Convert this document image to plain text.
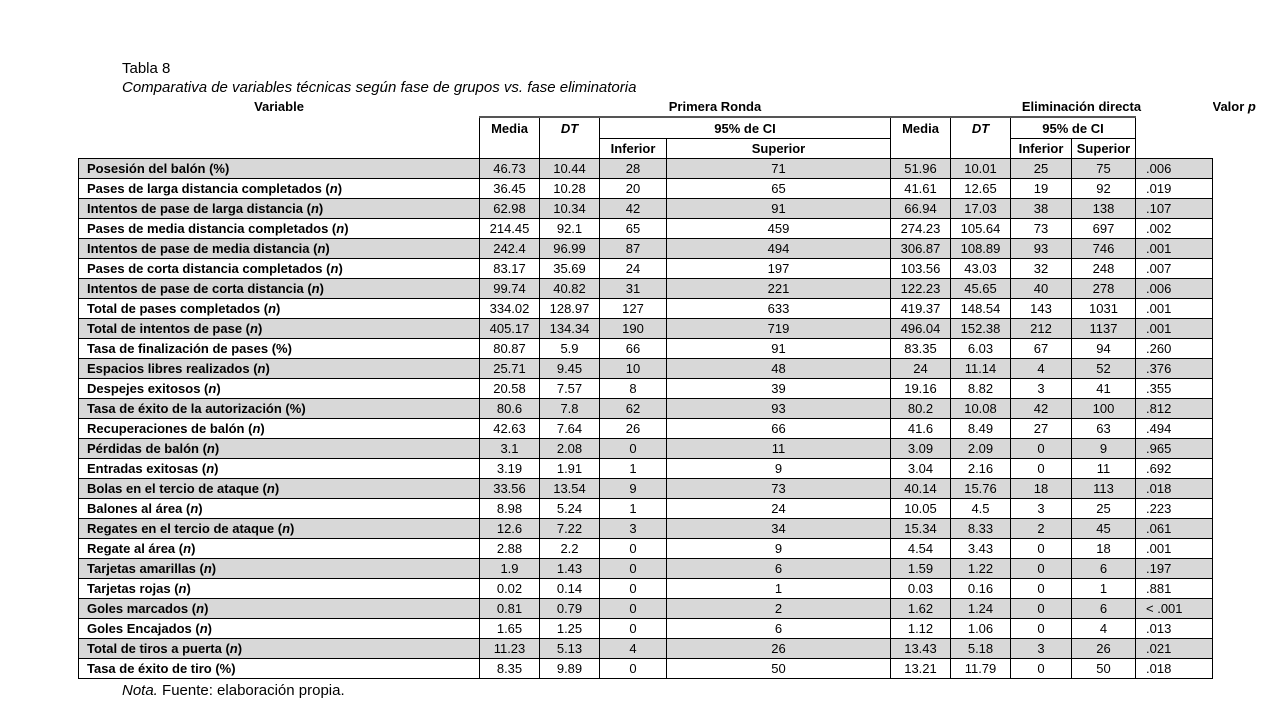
Tabla 8
Comparativa de variables técnicas según fase de grupos vs. fase eliminatoria
Variable	Primera Ronda					Eliminación directa				Valor p
	Media	DT	95% de CI		Media	DT	95% de CI			
			Inferior	Superior			Inferior	Superior		
Posesión del balón (%)	46.73	10.44	28	71	51.96	10.01	25	75	.006	
Pases de larga distancia completados (n)	36.45	10.28	20	65	41.61	12.65	19	92	.019	
Intentos de pase de larga distancia (n)	62.98	10.34	42	91	66.94	17.03	38	138	.107	
Pases de media distancia completados (n)	214.45	92.1	65	459	274.23	105.64	73	697	.002	
Intentos de pase de media distancia (n)	242.4	96.99	87	494	306.87	108.89	93	746	.001	
Pases de corta distancia completados (n)	83.17	35.69	24	197	103.56	43.03	32	248	.007	
Intentos de pase de corta distancia (n)	99.74	40.82	31	221	122.23	45.65	40	278	.006	
Total de pases completados (n)	334.02	128.97	127	633	419.37	148.54	143	1031	.001	
Total de intentos de pase (n)	405.17	134.34	190	719	496.04	152.38	212	1137	.001	
Tasa de finalización de pases (%)	80.87	5.9	66	91	83.35	6.03	67	94	.260	
Espacios libres realizados (n)	25.71	9.45	10	48	24	11.14	4	52	.376	
Despejes exitosos (n)	20.58	7.57	8	39	19.16	8.82	3	41	.355	
Tasa de éxito de la autorización (%)	80.6	7.8	62	93	80.2	10.08	42	100	.812	
Recuperaciones de balón (n)	42.63	7.64	26	66	41.6	8.49	27	63	.494	
Pérdidas de balón (n)	3.1	2.08	0	11	3.09	2.09	0	9	.965	
Entradas exitosas (n)	3.19	1.91	1	9	3.04	2.16	0	11	.692	
Bolas en el tercio de ataque (n)	33.56	13.54	9	73	40.14	15.76	18	113	.018	
Balones al área (n)	8.98	5.24	1	24	10.05	4.5	3	25	.223	
Regates en el tercio de ataque (n)	12.6	7.22	3	34	15.34	8.33	2	45	.061	
Regate al área (n)	2.88	2.2	0	9	4.54	3.43	0	18	.001	
Tarjetas amarillas (n)	1.9	1.43	0	6	1.59	1.22	0	6	.197	
Tarjetas rojas (n)	0.02	0.14	0	1	0.03	0.16	0	1	.881	
Goles marcados (n)	0.81	0.79	0	2	1.62	1.24	0	6	< .001	
Goles Encajados (n)	1.65	1.25	0	6	1.12	1.06	0	4	.013	
Total de tiros a puerta (n)	11.23	5.13	4	26	13.43	5.18	3	26	.021	
Tasa de éxito de tiro (%)	8.35	9.89	0	50	13.21	11.79	0	50	.018	
Nota. Fuente: elaboración propia.
